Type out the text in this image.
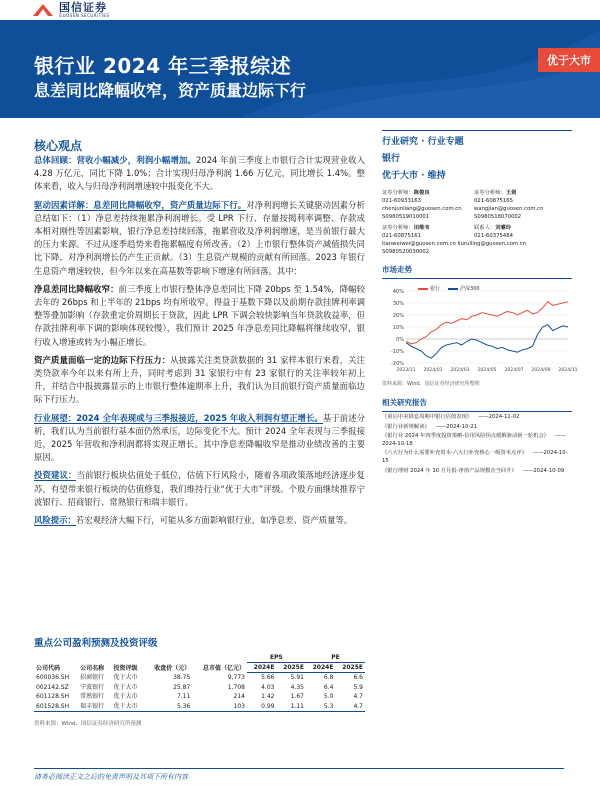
国信证券
GUOSEN SECURITIES
银行业 2024 年三季报综述
息差同比降幅收窄，资产质量边际下行
优于大市
核心观点

总体回顾：营收小幅减少，利润小幅增加。2024 年前三季度上市银行合计实现营业收入 4.28 万亿元，同比下降 1.0%；合计实现归母净利润 1.66 万亿元，同比增长 1.4%。整体来看，收入与归母净利润增速较中报变化不大。

驱动因素详解：息差同比降幅收窄，资产质量边际下行。对净利润增长关键驱动因素分析总结如下：（1）净息差持续拖累净利润增长。受 LPR 下行、存量按揭利率调整、存款成本相对刚性等因素影响，银行净息差持续回落，拖累营收及净利润增速，是当前银行最大的压力来源。不过从逐季趋势来看拖累幅度有所改善。（2）上市银行整体资产减值损失同比下降，对净利润增长仍产生正贡献。（3）生息资产规模的贡献有所回落。2023 年银行生息资产增速较快，但今年以来在高基数等影响下增速有所回落。其中：

净息差同比降幅收窄：前三季度上市银行整体净息差同比下降 20bps 至 1.54%，降幅较去年的 26bps 和上半年的 21bps 均有所收窄。得益于基数下降以及前期存款挂牌利率调整等叠加影响（存款重定价周期长于贷款，因此 LPR 下调会较快影响当年贷款收益率，但存款挂牌利率下调的影响体现较慢），我们预计 2025 年净息差同比降幅将继续收窄，银行收入增速或转为小幅正增长。

资产质量面临一定的边际下行压力：从披露关注类贷款数据的 31 家样本银行来看，关注类贷款率今年以来有所上升，同时考虑到 31 家银行中有 23 家银行的关注率较年初上升，并结合中报披露显示的上市银行整体逾期率上升，我们认为目前银行资产质量面临边际下行压力。

行业展望：2024 全年表现或与三季报接近，2025 年收入利润有望正增长。基于前述分析，我们认为当前银行基本面仍然承压，边际变化不大。预计 2024 全年表现与三季报接近，2025 年营收和净利润都将实现正增长。其中净息差降幅收窄是推动业绩改善的主要原因。

投资建议：当前银行板块估值处于低位，估值下行风险小，随着各项政策落地经济逐步复苏，有望带来银行板块的估值修复，我们维持行业“优于大市”评级。个股方面继续推荐宁波银行、招商银行、常熟银行和瑞丰银行。

风险提示：若宏观经济大幅下行，可能从多方面影响银行业，如净息差、资产质量等。

重点公司盈利预测及投资评级
公司代码	公司名称	投资评级	收盘价（元）	总市值（亿元）	EPS		PE	
					2024E	2025E	2024E	2025E
600036.SH	招商银行	优于大市	38.75	9,773	5.66	5.91	6.8	6.6
002142.SZ	宁波银行	优于大市	25.87	1,708	4.03	4.35	6.4	5.9
601128.SH	常熟银行	优于大市	7.11	214	1.42	1.67	5.0	4.7
601528.SH	瑞丰银行	优于大市	5.36	103	0.99	1.11	5.3	4.7
资料来源：Wind、国信证券经济研究所预测
请务必阅读正文之后的免责声明及其项下所有内容
行业研究 · 行业专题
银行
优于大市 · 维持
证券分析师：陈俊良
021-60933163
证券分析师：王剑
021-60875165
chenjunliang@guosen.com.cn	wangjian@guosen.com.cn
S0980519010001	S0980518070002
证券分析师：田维韦
021-60875161
联系人：刘睿玲
021-60375484
tianweiwei@guosen.com.cn liuruiling@guosen.com.cn
S0980520030002
市场走势
40%
30%
20%
10%
0%
-10%
-20%
2023/11 2024/01 2024/03 2024/05 2024/07 2024/09 2024/11
银行	沪深300
资料来源：Wind、国信证券经济研究所整理
相关研究报告
《重启中美降息周期中银行估值表现》 ——2024-11-02
《银行业新规解读》 ——2024-10-21
《银行业 2024 年四季度投资策略-信用风险拐点缓解驱动新一轮机会》 ——2024-10-18
《六大行为什么需要补充资本-六大行补充核心一级资本点评》 ——2024-10-15
《银行理财 2024 年 10 月月报-净值产品规模企当回升》 ——2024-10-09
